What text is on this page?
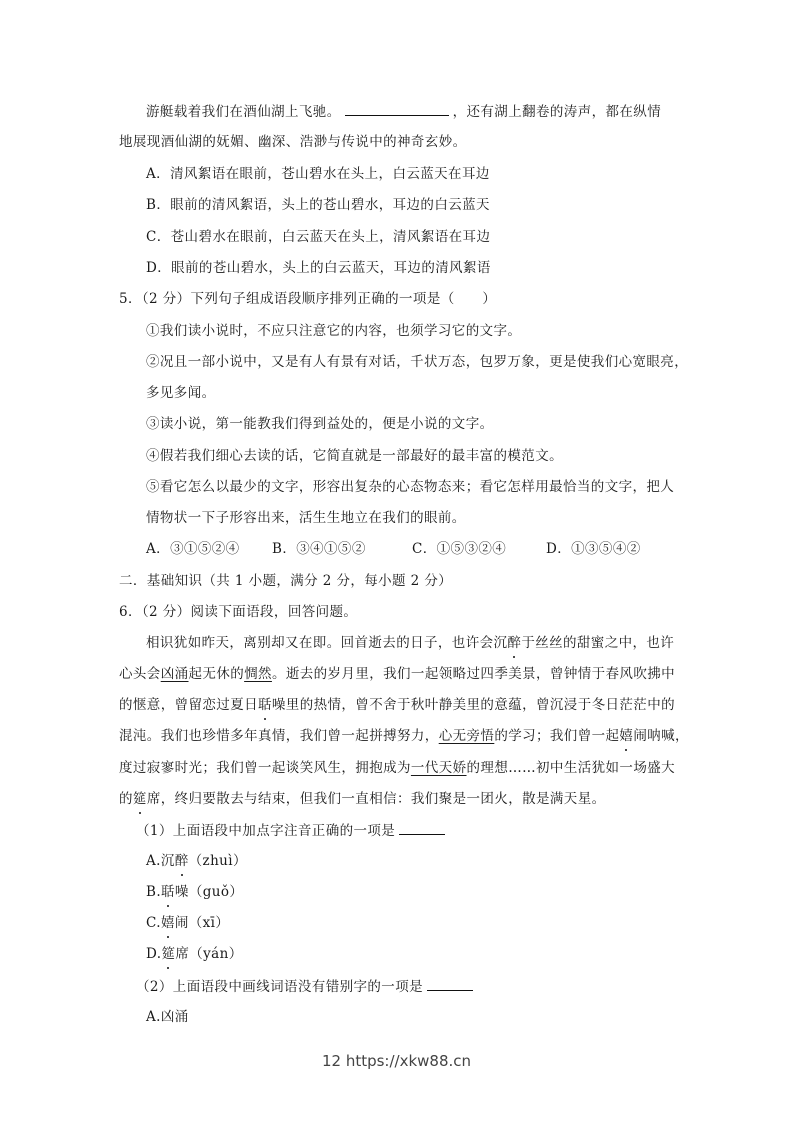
游艇载着我们在酒仙湖上飞驰。	，还有湖上翻卷的涛声，都在纵情
地展现酒仙湖的妩媚、幽深、浩渺与传说中的神奇玄妙。
A．清风絮语在眼前，苍山碧水在头上，白云蓝天在耳边
B．眼前的清风絮语，头上的苍山碧水，耳边的白云蓝天
C．苍山碧水在眼前，白云蓝天在头上，清风絮语在耳边
D．眼前的苍山碧水，头上的白云蓝天，耳边的清风絮语
5．（2 分）下列句子组成语段顺序排列正确的一项是（　　）
①我们读小说时，不应只注意它的内容，也须学习它的文字。
②况且一部小说中，又是有人有景有对话，千状万态，包罗万象，更是使我们心宽眼亮，
多见多闻。
③读小说，第一能教我们得到益处的，便是小说的文字。
④假若我们细心去读的话，它简直就是一部最好的最丰富的模范文。
⑤看它怎么以最少的文字，形容出复杂的心态物态来；看它怎样用最恰当的文字，把人
情物状一下子形容出来，活生生地立在我们的眼前。
A．③①⑤②④ B．③④①⑤②	C．①⑤③②④	D．①③⑤④②
二．基础知识（共 1 小题，满分 2 分，每小题 2 分）
6．（2 分）阅读下面语段，回答问题。
相识犹如昨天，离别却又在即。回首逝去的日子，也许会沉醉于丝丝的甜蜜之中，也许
心头会凶涌起无休的惆然。逝去的岁月里，我们一起领略过四季美景，曾钟情于春风吹拂中
的惬意，曾留恋过夏日聒噪里的热情，曾不舍于秋叶静美里的意蕴，曾沉浸于冬日茫茫中的
混沌。我们也珍惜多年真情，我们曾一起拼搏努力，心无旁悟的学习；我们曾一起嬉闹呐喊，
度过寂寥时光；我们曾一起谈笑风生，拥抱成为一代天娇的理想……初中生活犹如一场盛大
的筵席，终归要散去与结束，但我们一直相信：我们聚是一团火，散是满天星。
（1）上面语段中加点字注音正确的一项是
A.沉醉（zhuì）
B.聒噪（guǒ）
C.嬉闹（xī）
D.筵席（yán）
（2）上面语段中画线词语没有错别字的一项是
A.凶涌
12 https://xkw88.cn
